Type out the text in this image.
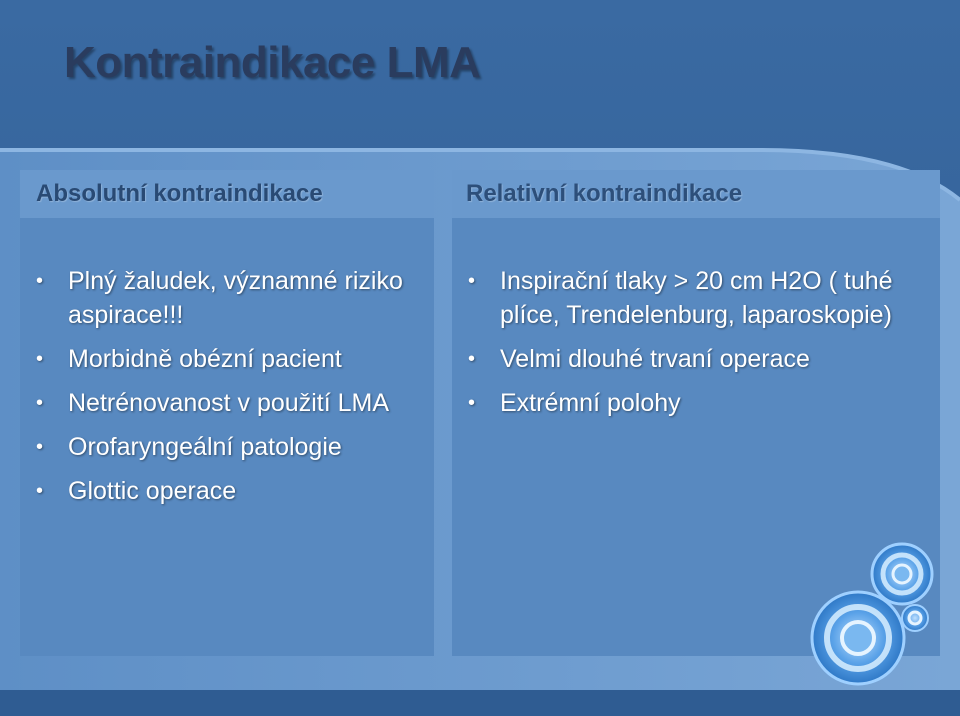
Kontraindikace LMA
Absolutní kontraindikace
• Plný žaludek, významné riziko aspirace!!!
• Morbidně obézní pacient
• Netrénovanost v použití LMA
• Orofaryngeální patologie
• Glottic operace
Relativní kontraindikace
• Inspirační tlaky > 20 cm H2O ( tuhé plíce, Trendelenburg, laparoskopie)
• Velmi dlouhé trvaní operace
• Extrémní polohy
